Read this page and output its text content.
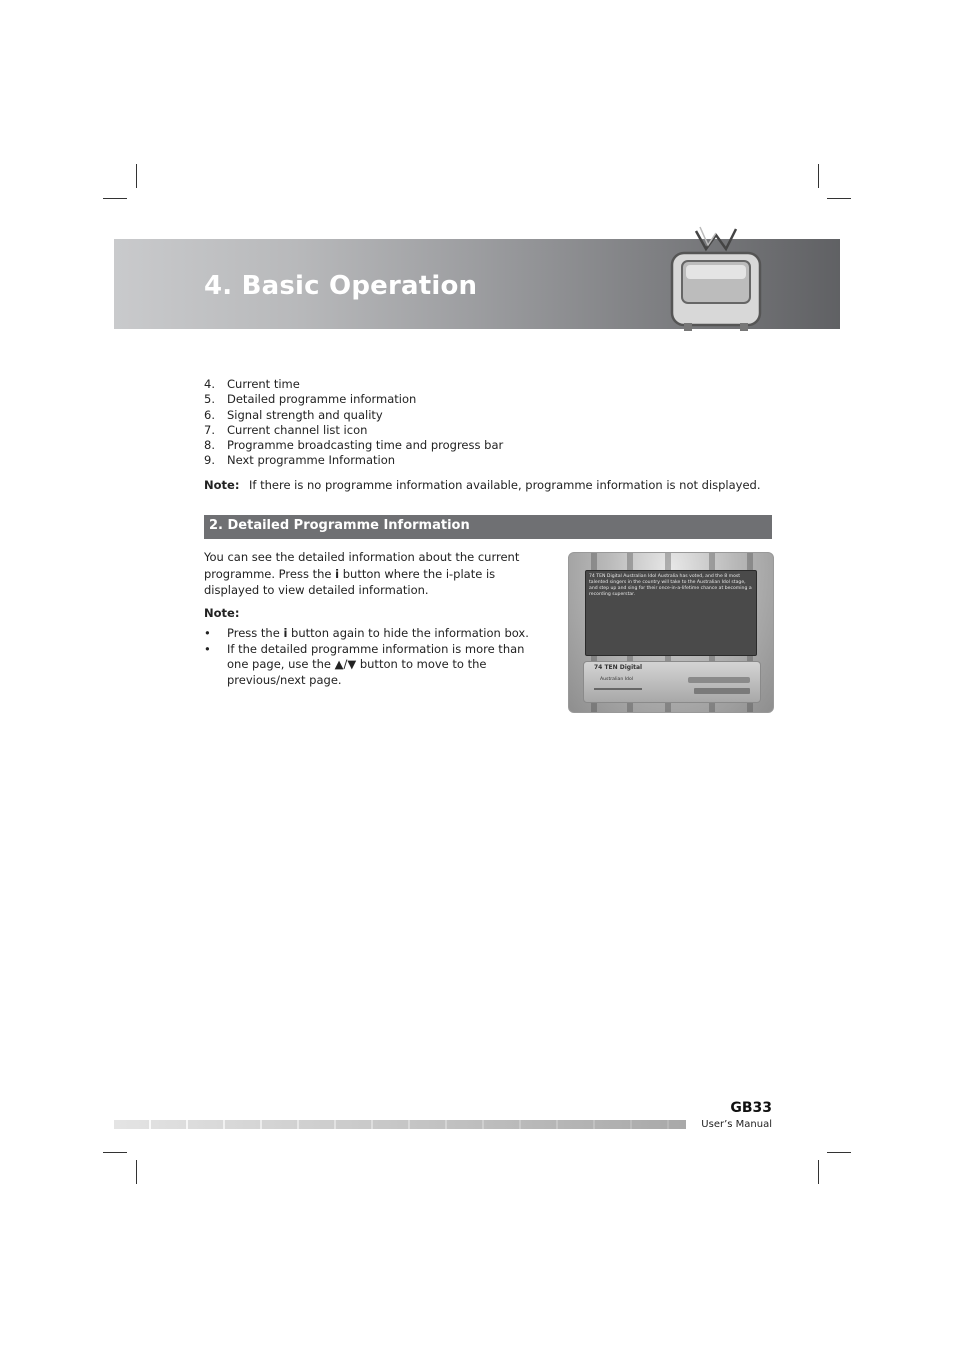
4. Basic Operation
4. Current time
5. Detailed programme information
6. Signal strength and quality
7. Current channel list icon
8. Programme broadcasting time and progress bar
9. Next programme Information
Note: If there is no programme information available, programme information is not displayed.
2. Detailed Programme Information
You can see the detailed information about the current programme. Press the i button where the i-plate is displayed to view detailed information.
Note:
• Press the i button again to hide the information box.
• If the detailed programme information is more than one page, use the ▲/▼ button to move to the previous/next page.
74 TEN Digital Australian Idol Australia has voted, and the 8 most talented singers in the country will take to the Australian Idol stage, and step up and sing for their once-in-a-lifetime chance at becoming a recording superstar.
74 TEN Digital
Australian Idol
GB33
User’s Manual
